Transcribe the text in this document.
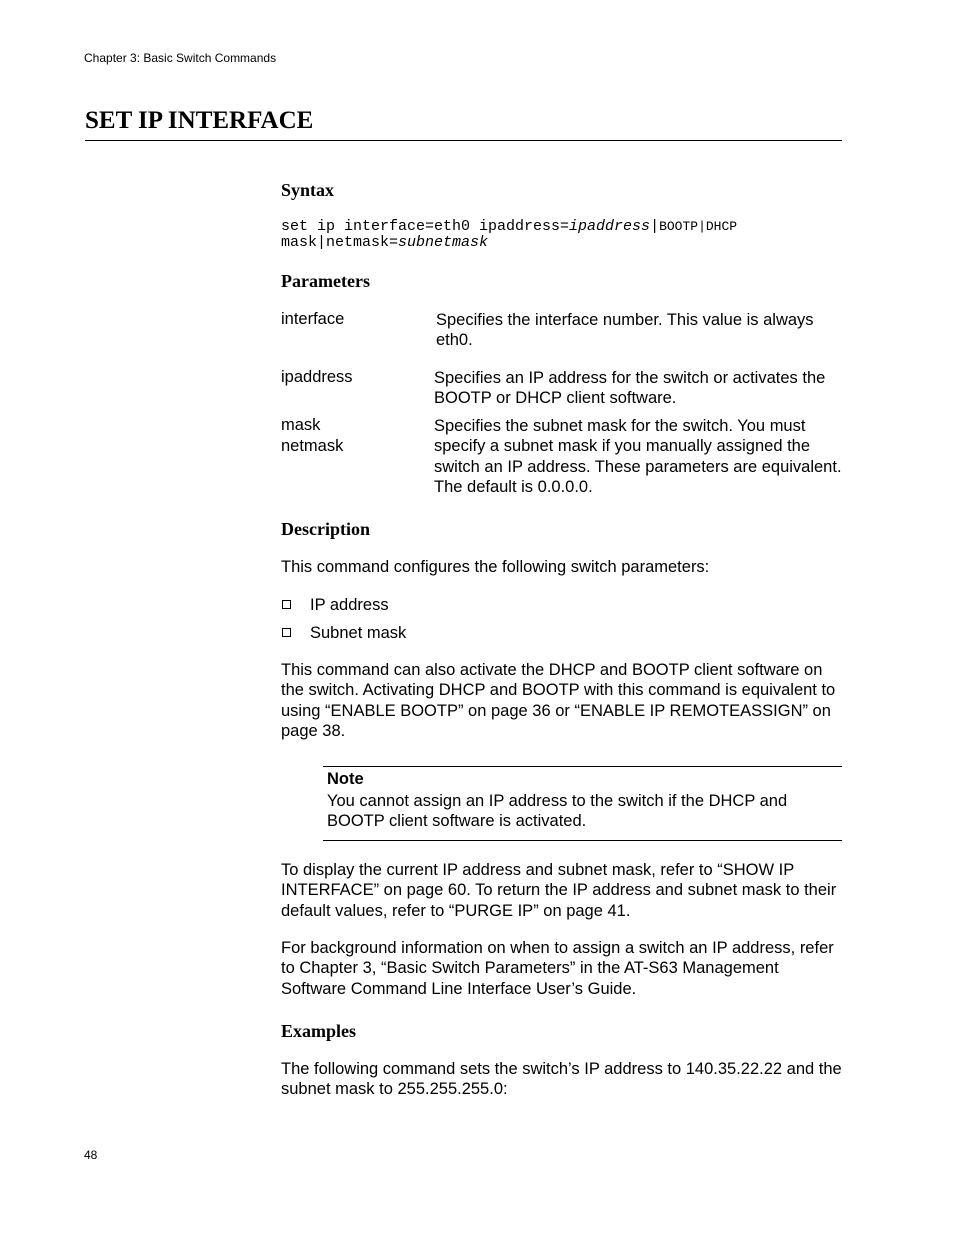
Chapter 3: Basic Switch Commands
SET IP INTERFACE
Syntax
set ip interface=eth0 ipaddress=ipaddress|BOOTP|DHCP
mask|netmask=subnetmask
Parameters
interface	Specifies the interface number. This value is always eth0.
ipaddress	Specifies an IP address for the switch or activates the BOOTP or DHCP client software.
mask
netmask
Specifies the subnet mask for the switch. You must specify a subnet mask if you manually assigned the switch an IP address. These parameters are equivalent. The default is 0.0.0.0.
Description
This command configures the following switch parameters:
IP address
Subnet mask
This command can also activate the DHCP and BOOTP client software on the switch. Activating DHCP and BOOTP with this command is equivalent to using “ENABLE BOOTP” on page 36 or “ENABLE IP REMOTEASSIGN” on page 38.
Note
You cannot assign an IP address to the switch if the DHCP and BOOTP client software is activated.
To display the current IP address and subnet mask, refer to “SHOW IP INTERFACE” on page 60. To return the IP address and subnet mask to their default values, refer to “PURGE IP” on page 41.
For background information on when to assign a switch an IP address, refer to Chapter 3, “Basic Switch Parameters” in the AT-S63 Management Software Command Line Interface User’s Guide.
Examples
The following command sets the switch’s IP address to 140.35.22.22 and the subnet mask to 255.255.255.0:
48
